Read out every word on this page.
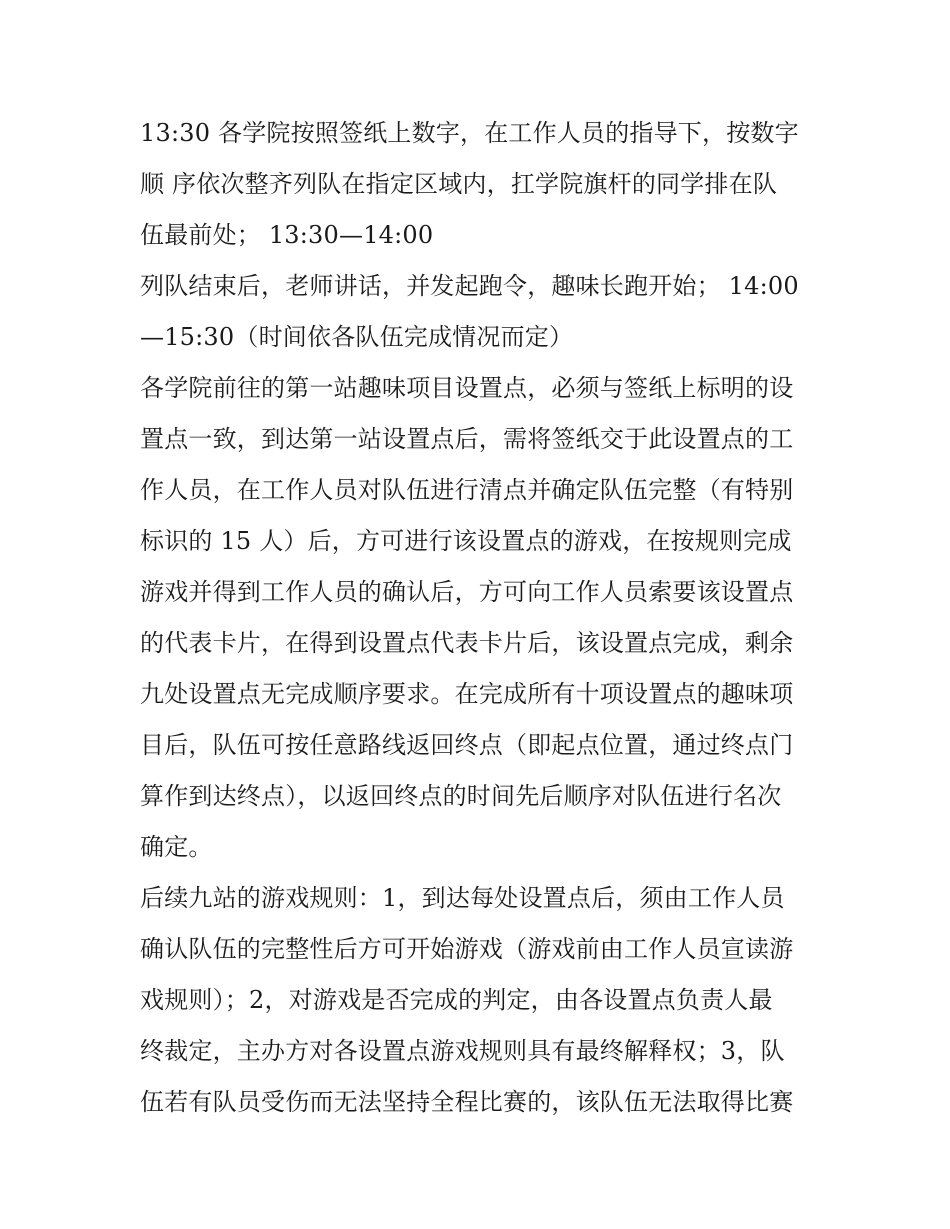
13:30 各学院按照签纸上数字，在工作人员的指导下，按数字
顺 序依次整齐列队在指定区域内，扛学院旗杆的同学排在队
伍最前处； 13:30—14:00
列队结束后，老师讲话，并发起跑令，趣味长跑开始； 14:00
—15:30（时间依各队伍完成情况而定）
各学院前往的第一站趣味项目设置点，必须与签纸上标明的设
置点一致，到达第一站设置点后，需将签纸交于此设置点的工
作人员，在工作人员对队伍进行清点并确定队伍完整（有特别
标识的 15 人）后，方可进行该设置点的游戏，在按规则完成
游戏并得到工作人员的确认后，方可向工作人员索要该设置点
的代表卡片，在得到设置点代表卡片后，该设置点完成，剩余
九处设置点无完成顺序要求。在完成所有十项设置点的趣味项
目后，队伍可按任意路线返回终点（即起点位置，通过终点门
算作到达终点），以返回终点的时间先后顺序对队伍进行名次
确定。
后续九站的游戏规则：1，到达每处设置点后，须由工作人员
确认队伍的完整性后方可开始游戏（游戏前由工作人员宣读游
戏规则）；2，对游戏是否完成的判定，由各设置点负责人最
终裁定，主办方对各设置点游戏规则具有最终解释权；3，队
伍若有队员受伤而无法坚持全程比赛的，该队伍无法取得比赛
